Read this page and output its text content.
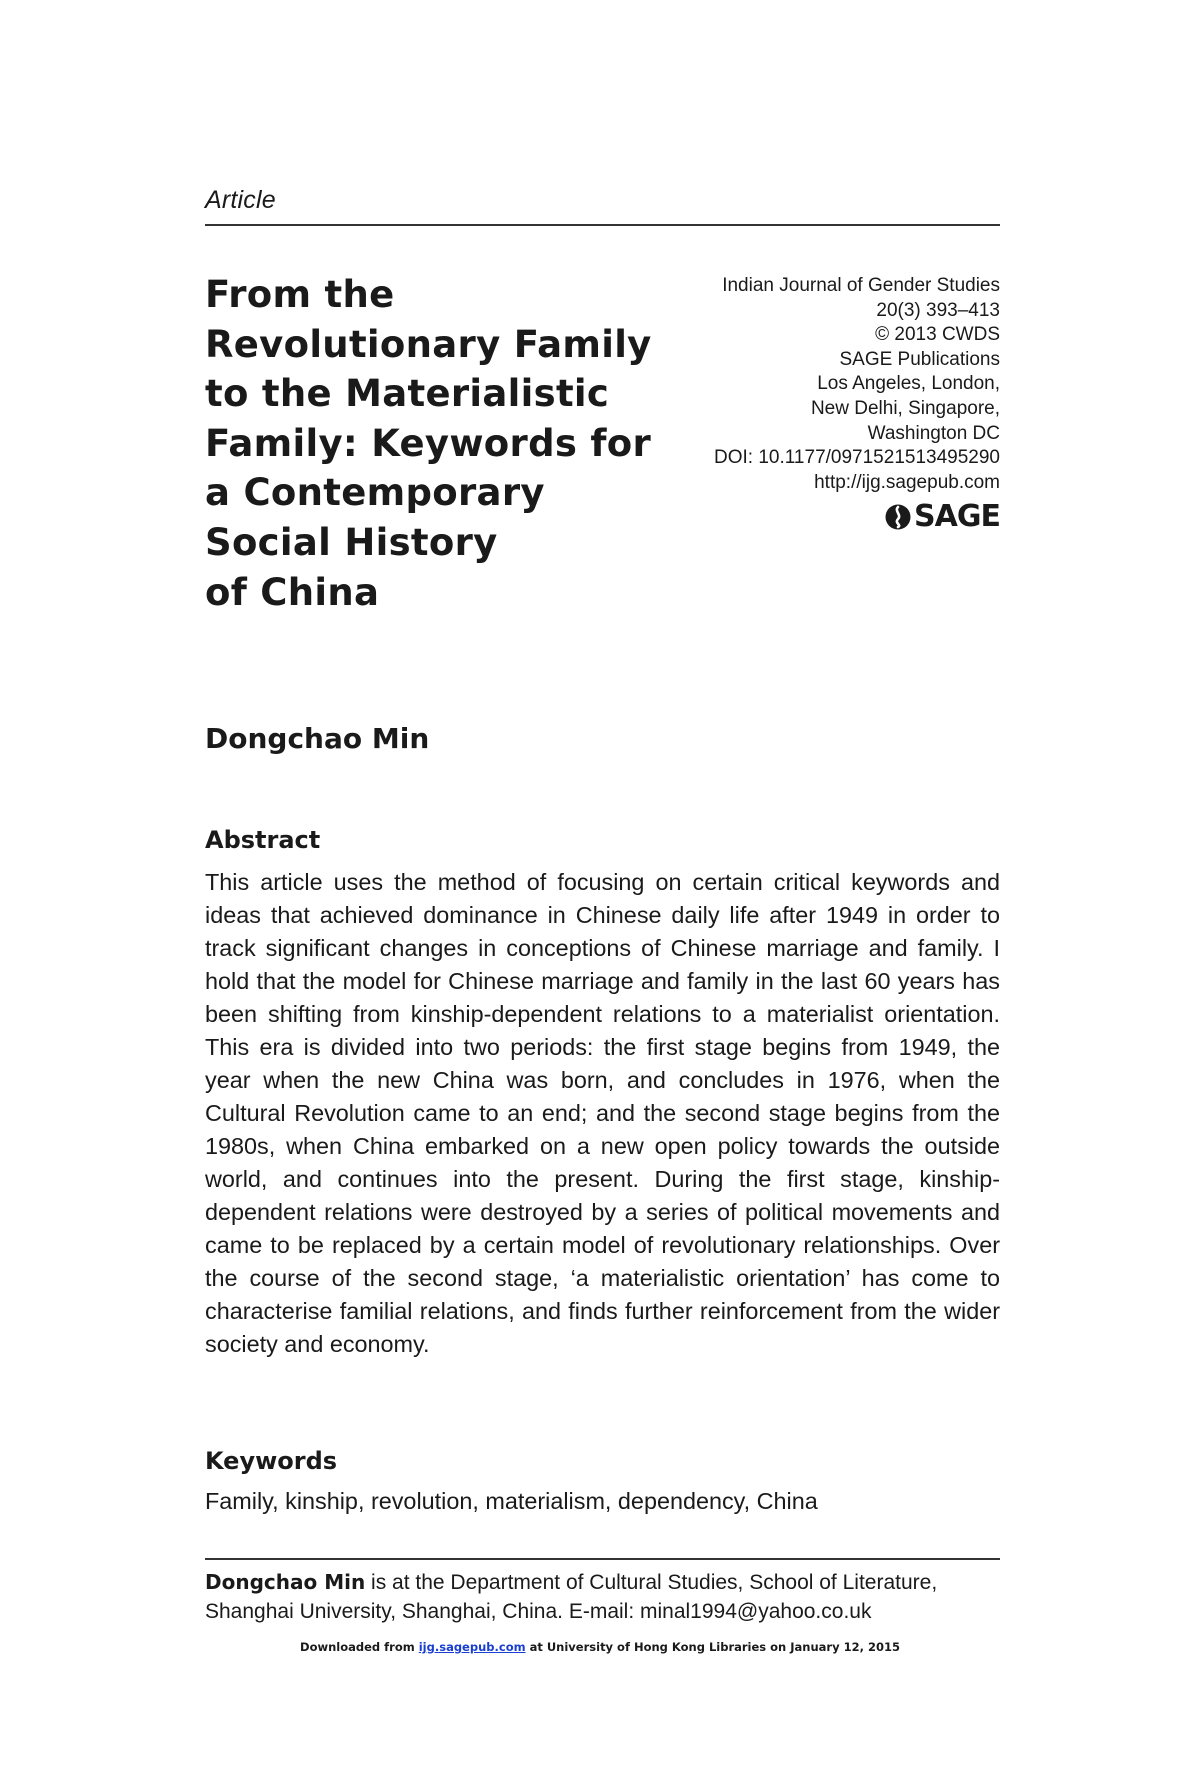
Article
From the
Revolutionary Family
to the Materialistic
Family: Keywords for
a Contemporary
Social History
of China
Indian Journal of Gender Studies
20(3) 393–413
© 2013 CWDS
SAGE Publications
Los Angeles, London,
New Delhi, Singapore,
Washington DC
DOI: 10.1177/0971521513495290
http://ijg.sagepub.com
SAGE
Dongchao Min
Abstract

This article uses the method of focusing on certain critical keywords and ideas that achieved dominance in Chinese daily life after 1949 in order to track significant changes in conceptions of Chinese marriage and family. I hold that the model for Chinese marriage and family in the last 60 years has been shifting from kinship-dependent relations to a materialist orientation. This era is divided into two periods: the first stage begins from 1949, the year when the new China was born, and concludes in 1976, when the Cultural Revolution came to an end; and the second stage begins from the 1980s, when China embarked on a new open policy towards the outside world, and continues into the present. During the first stage, kinship-dependent relations were destroyed by a series of political movements and came to be replaced by a certain model of revolutionary relationships. Over the course of the second stage, ‘a materialistic orientation’ has come to characterise familial relations, and finds further reinforcement from the wider society and economy.

Keywords

Family, kinship, revolution, materialism, dependency, China

Dongchao Min is at the Department of Cultural Studies, School of Literature, Shanghai University, Shanghai, China. E-mail: minal1994@yahoo.co.uk

Downloaded from ijg.sagepub.com at University of Hong Kong Libraries on January 12, 2015
